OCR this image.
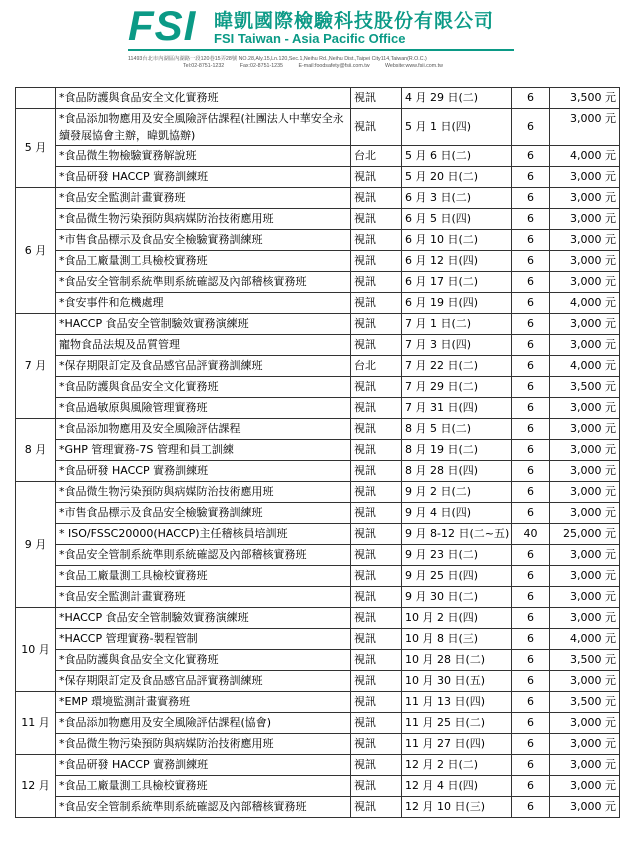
FSI 暐凱國際檢驗科技股份有限公司
FSI Taiwan - Asia Pacific Office
11493台北市內湖區內湖路一段120巷15弄28號 NO.28,Aly.15,Ln.120,Sec.1,Neihu Rd.,Neihu Dist.,Taipei City114,Taiwan(R.O.C.)
Tel:02-8751-1232	Fax:02-8751-1235	E-mail:foodsafety@fsii.com.tw	Website:www.fsii.com.tw
	*食品防護與食品安全文化實務班	視訊	4 月 29 日(二)	6	3,500 元
5 月	*食品添加物應用及安全風險評估課程(社團法人中華安全永續發展協會主辦，暐凱協辦)	視訊	5 月 1 日(四)	6	3,000 元
	*食品微生物檢驗實務解說班	台北	5 月 6 日(二)	6	4,000 元
	*食品研發 HACCP 實務訓練班	視訊	5 月 20 日(二)	6	3,000 元
6 月	*食品安全監測計畫實務班	視訊	6 月 3 日(二)	6	3,000 元
	*食品微生物污染預防與病媒防治技術應用班	視訊	6 月 5 日(四)	6	3,000 元
	*市售食品標示及食品安全檢驗實務訓練班	視訊	6 月 10 日(二)	6	3,000 元
	*食品工廠量測工具檢校實務班	視訊	6 月 12 日(四)	6	3,000 元
	*食品安全管制系統準則系統確認及內部稽核實務班	視訊	6 月 17 日(二)	6	3,000 元
	*食安事件和危機處理	視訊	6 月 19 日(四)	6	4,000 元
7 月	*HACCP 食品安全管制驗效實務演練班	視訊	7 月 1 日(二)	6	3,000 元
	寵物食品法規及品質管理	視訊	7 月 3 日(四)	6	3,000 元
	*保存期限訂定及食品感官品評實務訓練班	台北	7 月 22 日(二)	6	4,000 元
	*食品防護與食品安全文化實務班	視訊	7 月 29 日(二)	6	3,500 元
	*食品過敏原與風險管理實務班	視訊	7 月 31 日(四)	6	3,000 元
8 月	*食品添加物應用及安全風險評估課程	視訊	8 月 5 日(二)	6	3,000 元
	*GHP 管理實務-7S 管理和員工訓練	視訊	8 月 19 日(二)	6	3,000 元
	*食品研發 HACCP 實務訓練班	視訊	8 月 28 日(四)	6	3,000 元
9 月	*食品微生物污染預防與病媒防治技術應用班	視訊	9 月 2 日(二)	6	3,000 元
	*市售食品標示及食品安全檢驗實務訓練班	視訊	9 月 4 日(四)	6	3,000 元
	* ISO/FSSC20000(HACCP)主任稽核員培訓班	視訊	9 月 8-12 日(二~五)	40	25,000 元
	*食品安全管制系統準則系統確認及內部稽核實務班	視訊	9 月 23 日(二)	6	3,000 元
	*食品工廠量測工具檢校實務班	視訊	9 月 25 日(四)	6	3,000 元
	*食品安全監測計畫實務班	視訊	9 月 30 日(二)	6	3,000 元
10 月	*HACCP 食品安全管制驗效實務演練班	視訊	10 月 2 日(四)	6	3,000 元
	*HACCP 管理實務-製程管制	視訊	10 月 8 日(三)	6	4,000 元
	*食品防護與食品安全文化實務班	視訊	10 月 28 日(二)	6	3,500 元
	*保存期限訂定及食品感官品評實務訓練班	視訊	10 月 30 日(五)	6	3,000 元
11 月	*EMP 環境監測計畫實務班	視訊	11 月 13 日(四)	6	3,500 元
	*食品添加物應用及安全風險評估課程(協會)	視訊	11 月 25 日(二)	6	3,000 元
	*食品微生物污染預防與病媒防治技術應用班	視訊	11 月 27 日(四)	6	3,000 元
12 月	*食品研發 HACCP 實務訓練班	視訊	12 月 2 日(二)	6	3,000 元
	*食品工廠量測工具檢校實務班	視訊	12 月 4 日(四)	6	3,000 元
	*食品安全管制系統準則系統確認及內部稽核實務班	視訊	12 月 10 日(三)	6	3,000 元
